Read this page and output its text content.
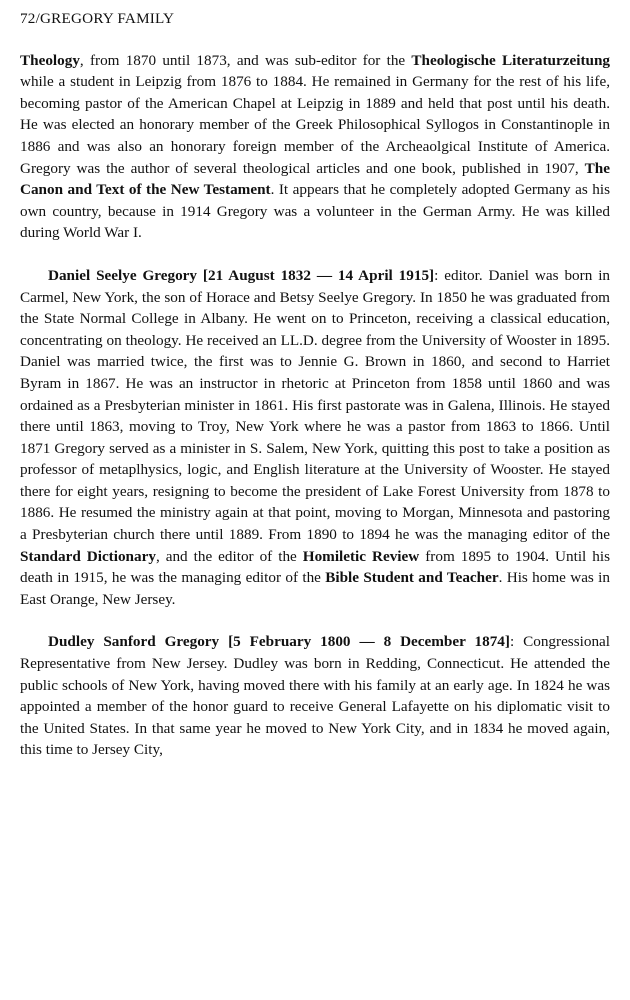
72/GREGORY FAMILY

Theology, from 1870 until 1873, and was sub-editor for the Theologische Literaturzeitung while a student in Leipzig from 1876 to 1884. He remained in Germany for the rest of his life, becoming pastor of the American Chapel at Leipzig in 1889 and held that post until his death. He was elected an honorary member of the Greek Philosophical Syllogos in Constantinople in 1886 and was also an honorary foreign member of the Archeaolgical Institute of America. Gregory was the author of several theological articles and one book, published in 1907, The Canon and Text of the New Testament. It appears that he completely adopted Germany as his own country, because in 1914 Gregory was a volunteer in the German Army. He was killed during World War I.

Daniel Seelye Gregory [21 August 1832 — 14 April 1915]: editor. Daniel was born in Carmel, New York, the son of Horace and Betsy Seelye Gregory. In 1850 he was graduated from the State Normal College in Albany. He went on to Princeton, receiving a classical education, concentrating on theology. He received an LL.D. degree from the University of Wooster in 1895. Daniel was married twice, the first was to Jennie G. Brown in 1860, and second to Harriet Byram in 1867. He was an instructor in rhetoric at Princeton from 1858 until 1860 and was ordained as a Presbyterian minister in 1861. His first pastorate was in Galena, Illinois. He stayed there until 1863, moving to Troy, New York where he was a pastor from 1863 to 1866. Until 1871 Gregory served as a minister in S. Salem, New York, quitting this post to take a position as professor of metaplhysics, logic, and English literature at the University of Wooster. He stayed there for eight years, resigning to become the president of Lake Forest University from 1878 to 1886. He resumed the ministry again at that point, moving to Morgan, Minnesota and pastoring a Presbyterian church there until 1889. From 1890 to 1894 he was the managing editor of the Standard Dictionary, and the editor of the Homiletic Review from 1895 to 1904. Until his death in 1915, he was the managing editor of the Bible Student and Teacher. His home was in East Orange, New Jersey.

Dudley Sanford Gregory [5 February 1800 — 8 December 1874]: Congressional Representative from New Jersey. Dudley was born in Redding, Connecticut. He attended the public schools of New York, having moved there with his family at an early age. In 1824 he was appointed a member of the honor guard to receive General Lafayette on his diplomatic visit to the United States. In that same year he moved to New York City, and in 1834 he moved again, this time to Jersey City,
